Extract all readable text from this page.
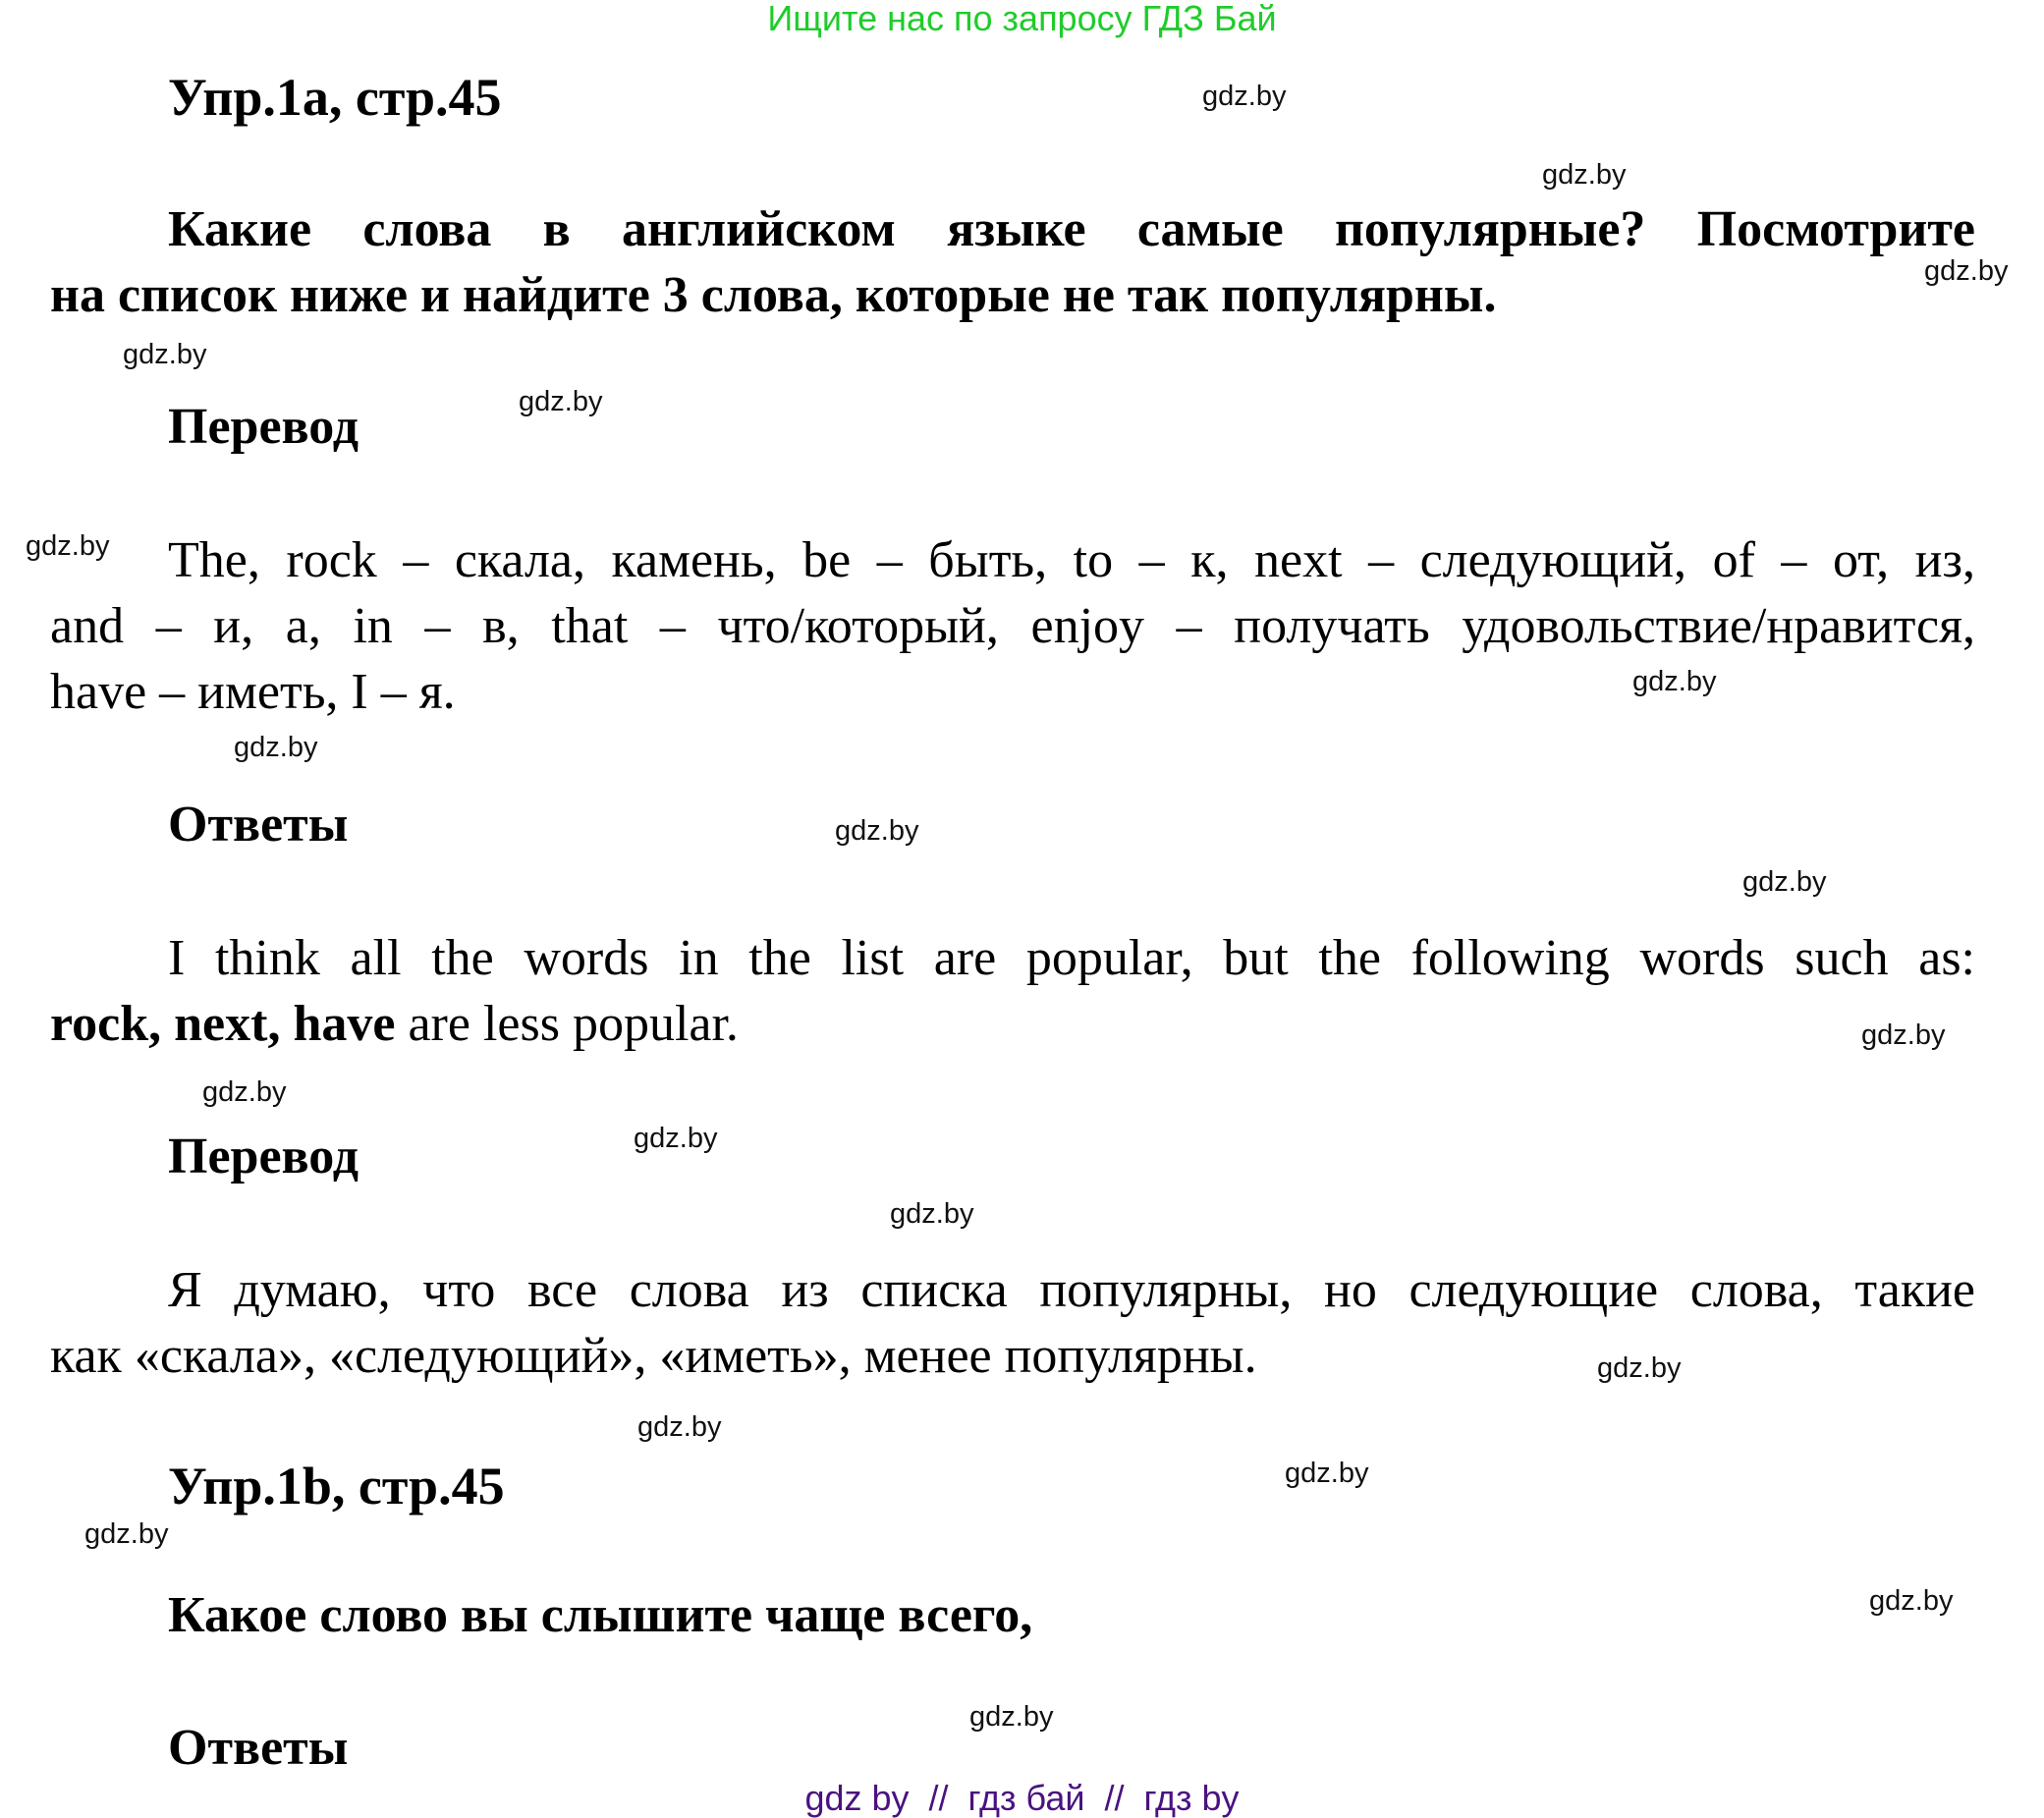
Ищите нас по запросу ГДЗ Бай
Упр.1a, стр.45
Какие слова в английском языке самые популярные? Посмотрите
на список ниже и найдите 3 слова, которые не так популярны.
Перевод
The, rock – скала, камень, be – быть, to – к, next – следующий, of – от, из,
and – и, a, in – в, that – что/который, enjoy – получать удовольствие/нравится,
have – иметь, I – я.
Ответы
I think all the words in the list are popular, but the following words such as:
rock, next, have are less popular.
Перевод
Я думаю, что все слова из списка популярны, но следующие слова, такие
как «скала», «следующий», «иметь», менее популярны.
Упр.1b, стр.45
Какое слово вы слышите чаще всего,
Ответы
gdz by  //  гдз бай  //  гдз by
gdz.by
gdz.by
gdz.by
gdz.by
gdz.by
gdz.by
gdz.by
gdz.by
gdz.by
gdz.by
gdz.by
gdz.by
gdz.by
gdz.by
gdz.by
gdz.by
gdz.by
gdz.by
gdz.by
gdz.by
